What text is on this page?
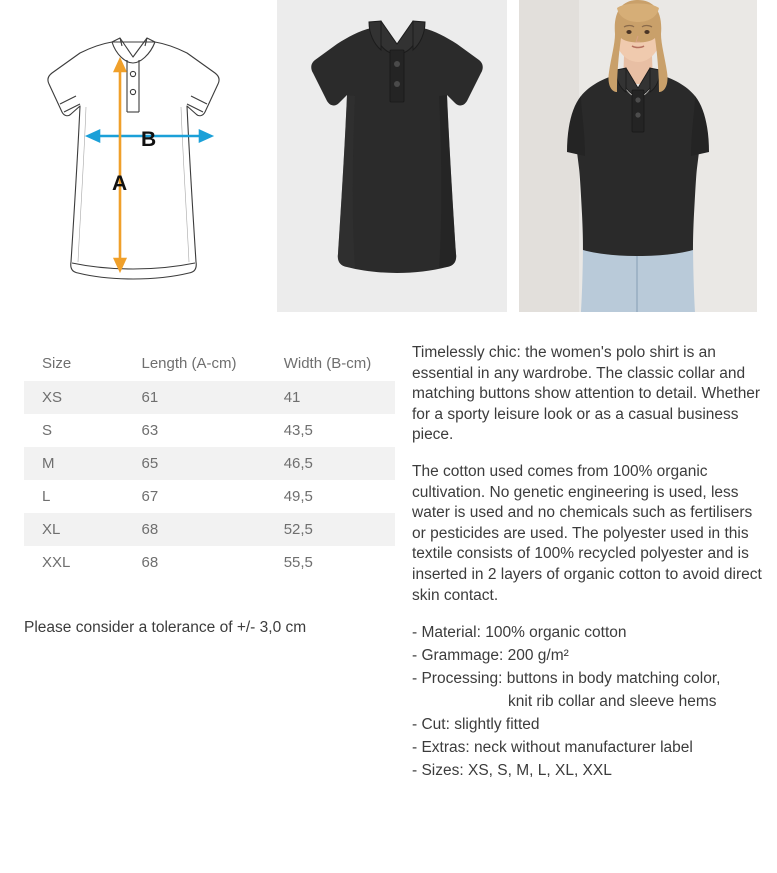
B
A
Size	Length (A-cm)	Width (B-cm)
XS	61	41
S	63	43,5
M	65	46,5
L	67	49,5
XL	68	52,5
XXL	68	55,5
Please consider a tolerance of +/- 3,0 cm

Timelessly chic: the women's polo shirt is an essential in any wardrobe. The classic collar and matching buttons show attention to detail. Whether for a sporty leisure look or as a casual business piece.

The cotton used comes from 100% organic cultivation. No genetic engineering is used, less water is used and no chemicals such as fertilisers or pesticides are used. The polyester used in this textile consists of 100% recycled polyester and is inserted in 2 layers of organic cotton to avoid direct skin contact.

- Material: 100% organic cotton
- Grammage: 200 g/m²
- Processing: buttons in body matching color,
knit rib collar and sleeve hems
- Cut: slightly fitted
- Extras: neck without manufacturer label
- Sizes: XS, S, M, L, XL, XXL
